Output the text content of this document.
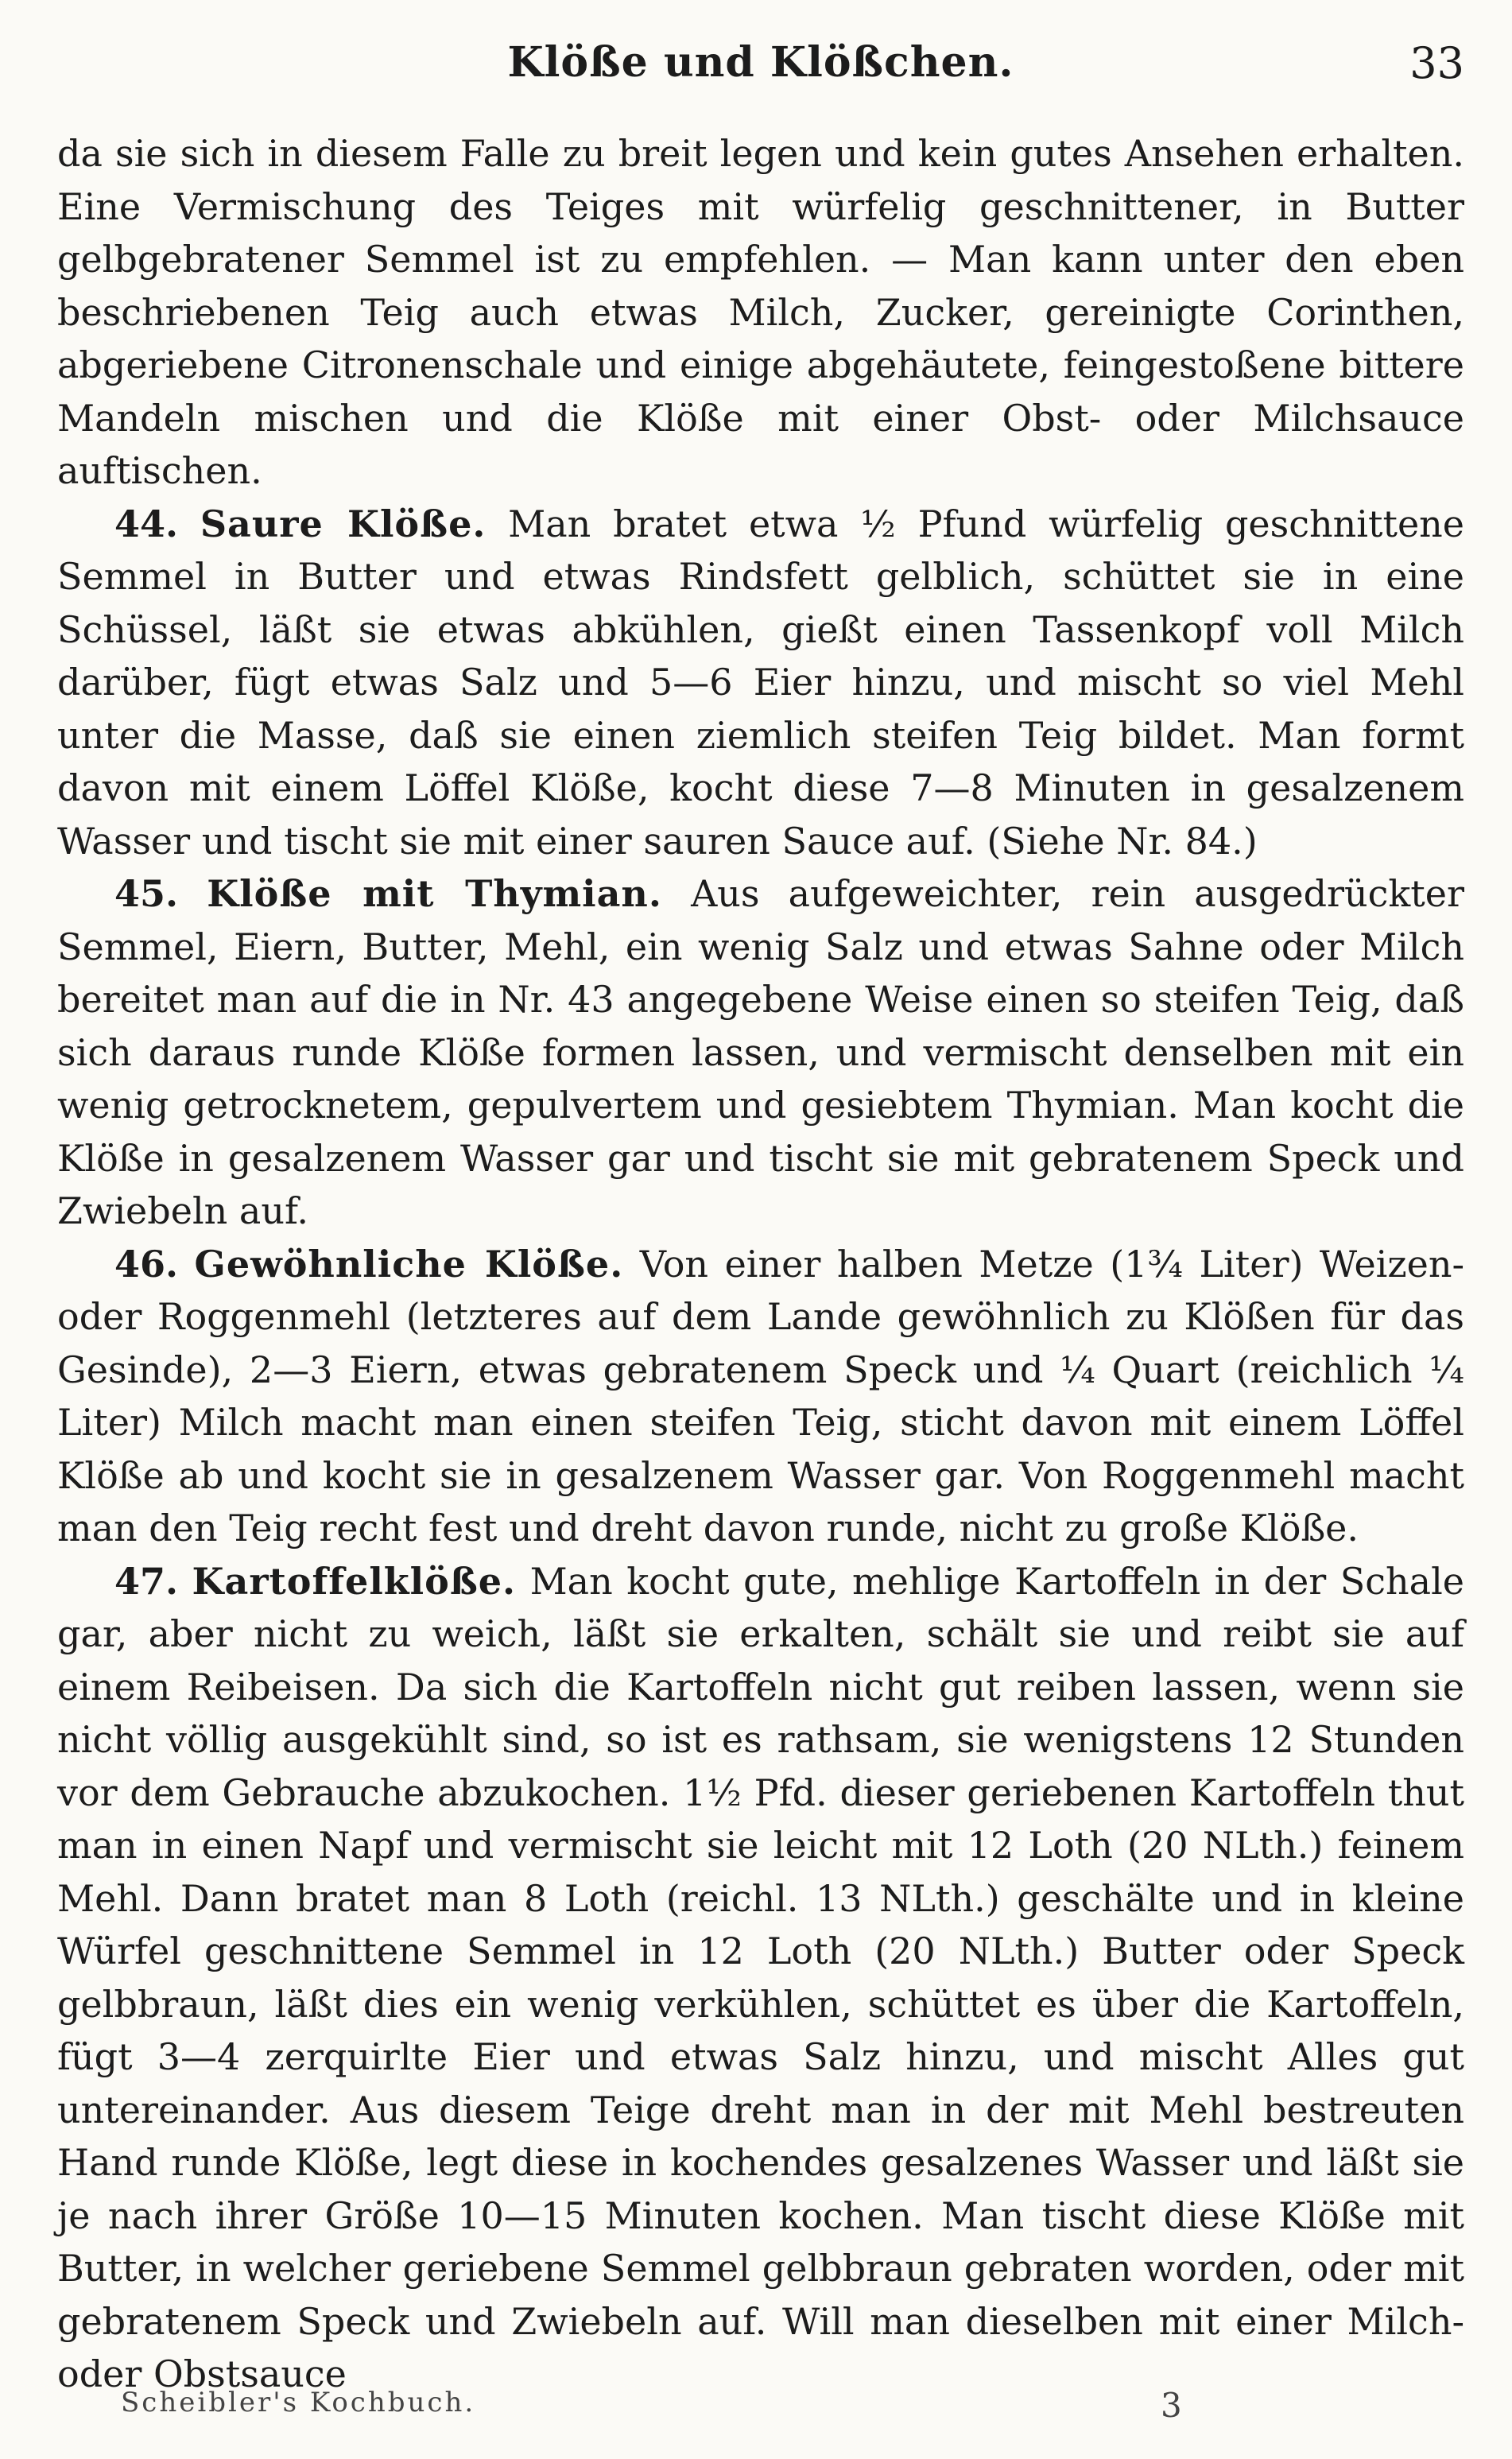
Klöße und Klößchen.	33

da sie sich in diesem Falle zu breit legen und kein gutes Ansehen erhalten. Eine Vermischung des Teiges mit würfelig geschnittener, in Butter gelbgebratener Semmel ist zu empfehlen. — Man kann unter den eben beschriebenen Teig auch etwas Milch, Zucker, gereinigte Corinthen, abgeriebene Citronenschale und einige abgehäutete, feingestoßene bittere Mandeln mischen und die Klöße mit einer Obst- oder Milchsauce auftischen.

44. Saure Klöße. Man bratet etwa ½ Pfund würfelig geschnittene Semmel in Butter und etwas Rindsfett gelblich, schüttet sie in eine Schüssel, läßt sie etwas abkühlen, gießt einen Tassenkopf voll Milch darüber, fügt etwas Salz und 5—6 Eier hinzu, und mischt so viel Mehl unter die Masse, daß sie einen ziemlich steifen Teig bildet. Man formt davon mit einem Löffel Klöße, kocht diese 7—8 Minuten in gesalzenem Wasser und tischt sie mit einer sauren Sauce auf. (Siehe Nr. 84.)

45. Klöße mit Thymian. Aus aufgeweichter, rein ausgedrückter Semmel, Eiern, Butter, Mehl, ein wenig Salz und etwas Sahne oder Milch bereitet man auf die in Nr. 43 angegebene Weise einen so steifen Teig, daß sich daraus runde Klöße formen lassen, und vermischt denselben mit ein wenig getrocknetem, gepulvertem und gesiebtem Thymian. Man kocht die Klöße in gesalzenem Wasser gar und tischt sie mit gebratenem Speck und Zwiebeln auf.

46. Gewöhnliche Klöße. Von einer halben Metze (1¾ Liter) Weizen- oder Roggenmehl (letzteres auf dem Lande gewöhnlich zu Klößen für das Gesinde), 2—3 Eiern, etwas gebratenem Speck und ¼ Quart (reichlich ¼ Liter) Milch macht man einen steifen Teig, sticht davon mit einem Löffel Klöße ab und kocht sie in gesalzenem Wasser gar. Von Roggenmehl macht man den Teig recht fest und dreht davon runde, nicht zu große Klöße.

47. Kartoffelklöße. Man kocht gute, mehlige Kartoffeln in der Schale gar, aber nicht zu weich, läßt sie erkalten, schält sie und reibt sie auf einem Reibeisen. Da sich die Kartoffeln nicht gut reiben lassen, wenn sie nicht völlig ausgekühlt sind, so ist es rathsam, sie wenigstens 12 Stunden vor dem Gebrauche abzukochen. 1½ Pfd. dieser geriebenen Kartoffeln thut man in einen Napf und vermischt sie leicht mit 12 Loth (20 NLth.) feinem Mehl. Dann bratet man 8 Loth (reichl. 13 NLth.) geschälte und in kleine Würfel geschnittene Semmel in 12 Loth (20 NLth.) Butter oder Speck gelbbraun, läßt dies ein wenig verkühlen, schüttet es über die Kartoffeln, fügt 3—4 zerquirlte Eier und etwas Salz hinzu, und mischt Alles gut untereinander. Aus diesem Teige dreht man in der mit Mehl bestreuten Hand runde Klöße, legt diese in kochendes gesalzenes Wasser und läßt sie je nach ihrer Größe 10—15 Minuten kochen. Man tischt diese Klöße mit Butter, in welcher geriebene Semmel gelbbraun gebraten worden, oder mit gebratenem Speck und Zwiebeln auf. Will man dieselben mit einer Milch- oder Obstsauce

Scheibler's Kochbuch.	3
